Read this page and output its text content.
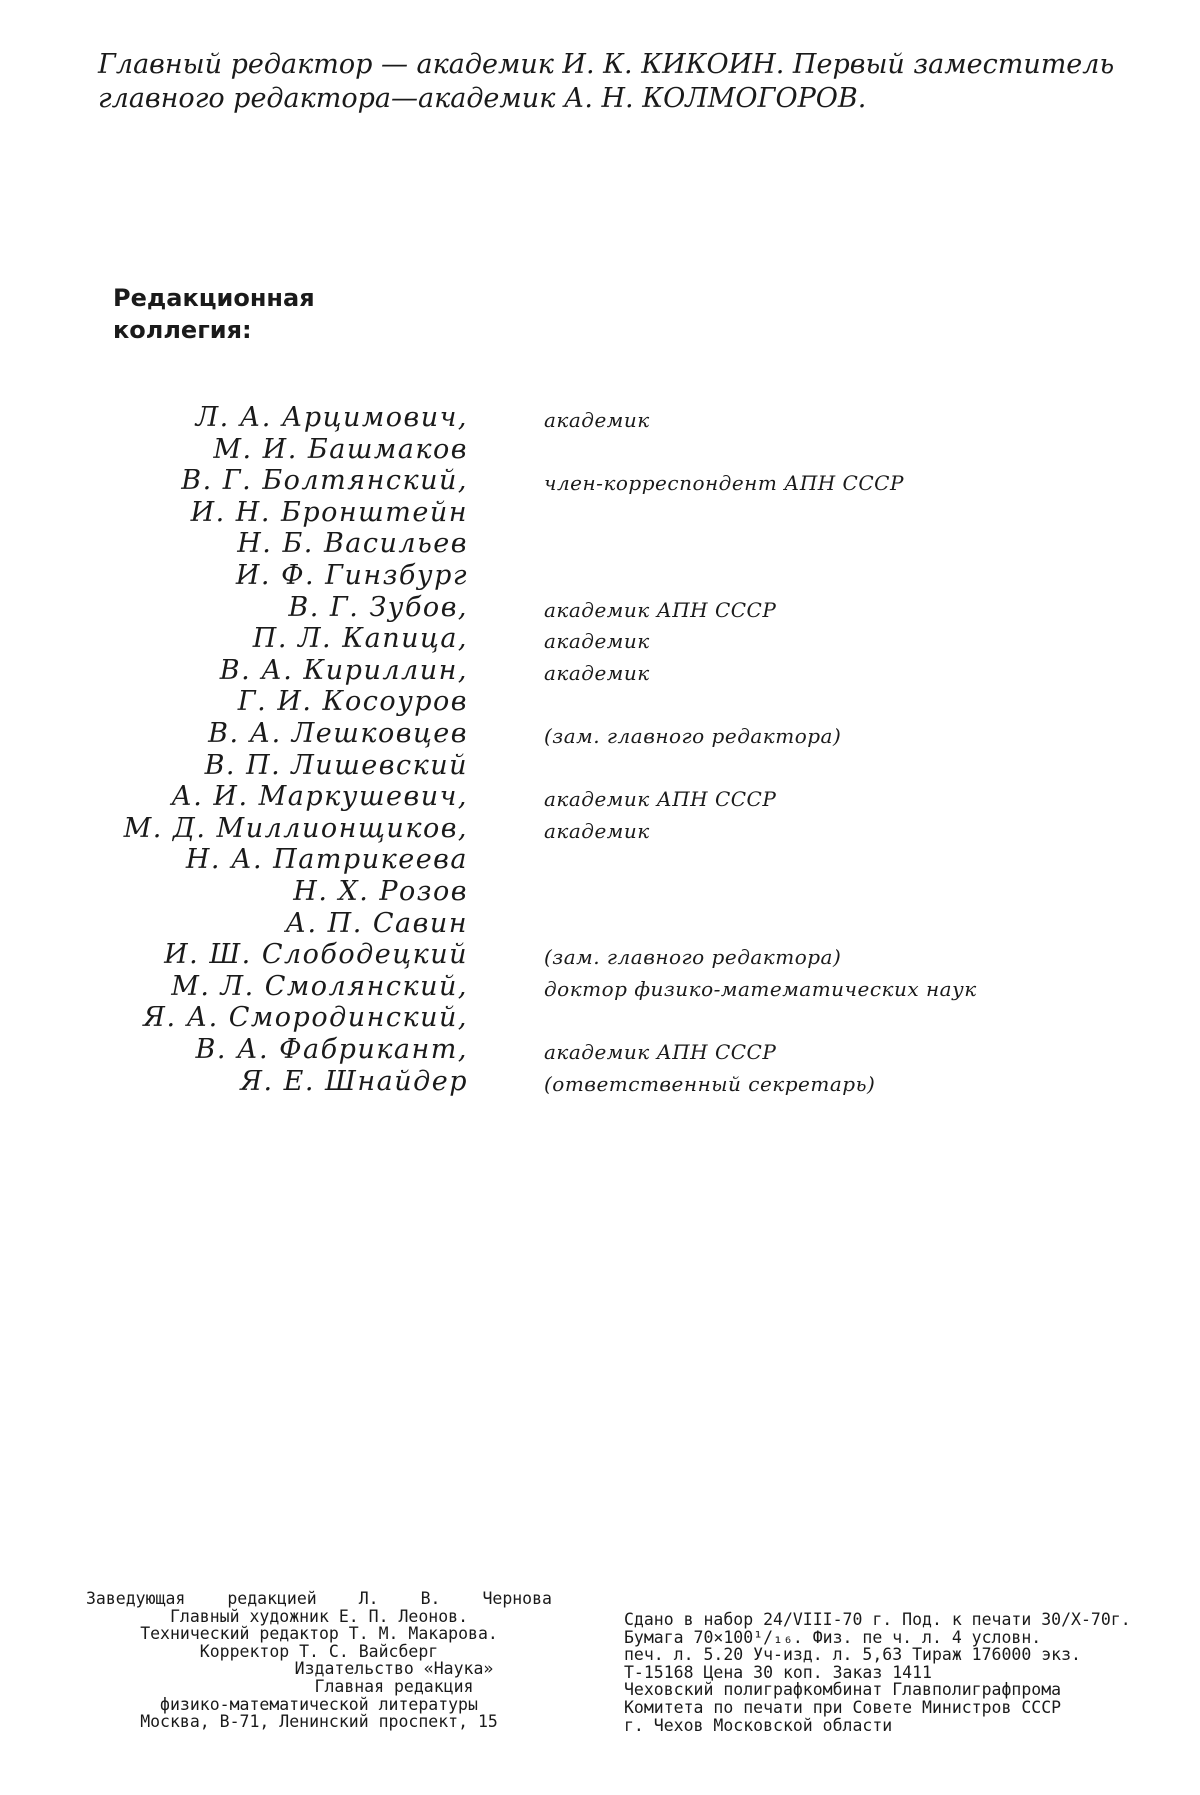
Главный редактор — академик И. К. КИКОИН. Первый заместитель
главного редактора—академик А. Н. КОЛМОГОРОВ.
Редакционная
коллегия:
Л. А. Арцимович,	академик
М. И. Башмаков
В. Г. Болтянский,	член-корреспондент АПН СССР
И. Н. Бронштейн
Н. Б. Васильев
И. Ф. Гинзбург
В. Г. Зубов,	академик АПН СССР
П. Л. Капица,	академик
В. А. Кириллин,	академик
Г. И. Косоуров
В. А. Лешковцев	(зам. главного редактора)
В. П. Лишевский
А. И. Маркушевич,	академик АПН СССР
М. Д. Миллионщиков,	академик
Н. А. Патрикеева
Н. Х. Розов
А. П. Савин
И. Ш. Слободецкий	(зам. главного редактора)
М. Л. Смолянский,	доктор физико-математических наук
Я. А. Смородинский,
В. А. Фабрикант,	академик АПН СССР
Я. Е. Шнайдер	(ответственный секретарь)
Заведующая редакцией Л. В. Чернова
Главный художник Е. П. Леонов.
Технический редактор Т. М. Макарова.
Корректор Т. С. Вайсберг
Издательство «Наука»
Главная редакция
физико-математической литературы
Москва, В-71, Ленинский проспект, 15
Сдано в набор 24/VIII-70 г. Под. к печати 30/X-70г.
Бумага 70×100¹/₁₆. Физ. пе ч. л. 4 условн.
печ. л. 5.20 Уч-изд. л. 5,63 Тираж 176000 экз.
Т-15168 Цена 30 коп. Заказ 1411
Чеховский полиграфкомбинат Главполиграфпрома
Комитета по печати при Совете Министров СССР
г. Чехов Московской области
